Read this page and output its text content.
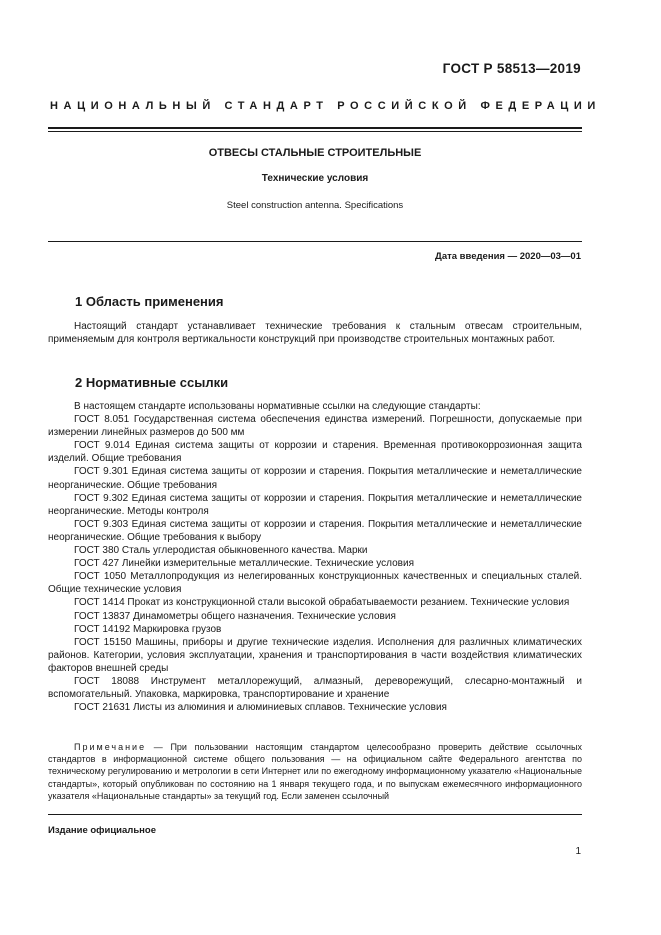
ГОСТ Р 58513—2019
НАЦИОНАЛЬНЫЙ СТАНДАРТ РОССИЙСКОЙ ФЕДЕРАЦИИ
ОТВЕСЫ СТАЛЬНЫЕ СТРОИТЕЛЬНЫЕ
Технические условия
Steel construction antenna. Specifications
Дата введения — 2020—03—01
1 Область применения
Настоящий стандарт устанавливает технические требования к стальным отвесам строительным, применяемым для контроля вертикальности конструкций при производстве строительных монтажных работ.
2 Нормативные ссылки
В настоящем стандарте использованы нормативные ссылки на следующие стандарты:
ГОСТ 8.051 Государственная система обеспечения единства измерений. Погрешности, допускаемые при измерении линейных размеров до 500 мм
ГОСТ 9.014 Единая система защиты от коррозии и старения. Временная противокоррозионная защита изделий. Общие требования
ГОСТ 9.301 Единая система защиты от коррозии и старения. Покрытия металлические и неметаллические неорганические. Общие требования
ГОСТ 9.302 Единая система защиты от коррозии и старения. Покрытия металлические и неметаллические неорганические. Методы контроля
ГОСТ 9.303 Единая система защиты от коррозии и старения. Покрытия металлические и неметаллические неорганические. Общие требования к выбору
ГОСТ 380 Сталь углеродистая обыкновенного качества. Марки
ГОСТ 427 Линейки измерительные металлические. Технические условия
ГОСТ 1050 Металлопродукция из нелегированных конструкционных качественных и специальных сталей. Общие технические условия
ГОСТ 1414 Прокат из конструкционной стали высокой обрабатываемости резанием. Технические условия
ГОСТ 13837 Динамометры общего назначения. Технические условия
ГОСТ 14192 Маркировка грузов
ГОСТ 15150 Машины, приборы и другие технические изделия. Исполнения для различных климатических районов. Категории, условия эксплуатации, хранения и транспортирования в части воздействия климатических факторов внешней среды
ГОСТ 18088 Инструмент металлорежущий, алмазный, дереворежущий, слесарно-монтажный и вспомогательный. Упаковка, маркировка, транспортирование и хранение
ГОСТ 21631 Листы из алюминия и алюминиевых сплавов. Технические условия
Примечание — При пользовании настоящим стандартом целесообразно проверить действие ссылочных стандартов в информационной системе общего пользования — на официальном сайте Федерального агентства по техническому регулированию и метрологии в сети Интернет или по ежегодному информационному указателю «Национальные стандарты», который опубликован по состоянию на 1 января текущего года, и по выпускам ежемесячного информационного указателя «Национальные стандарты» за текущий год. Если заменен ссылочный
Издание официальное
1
